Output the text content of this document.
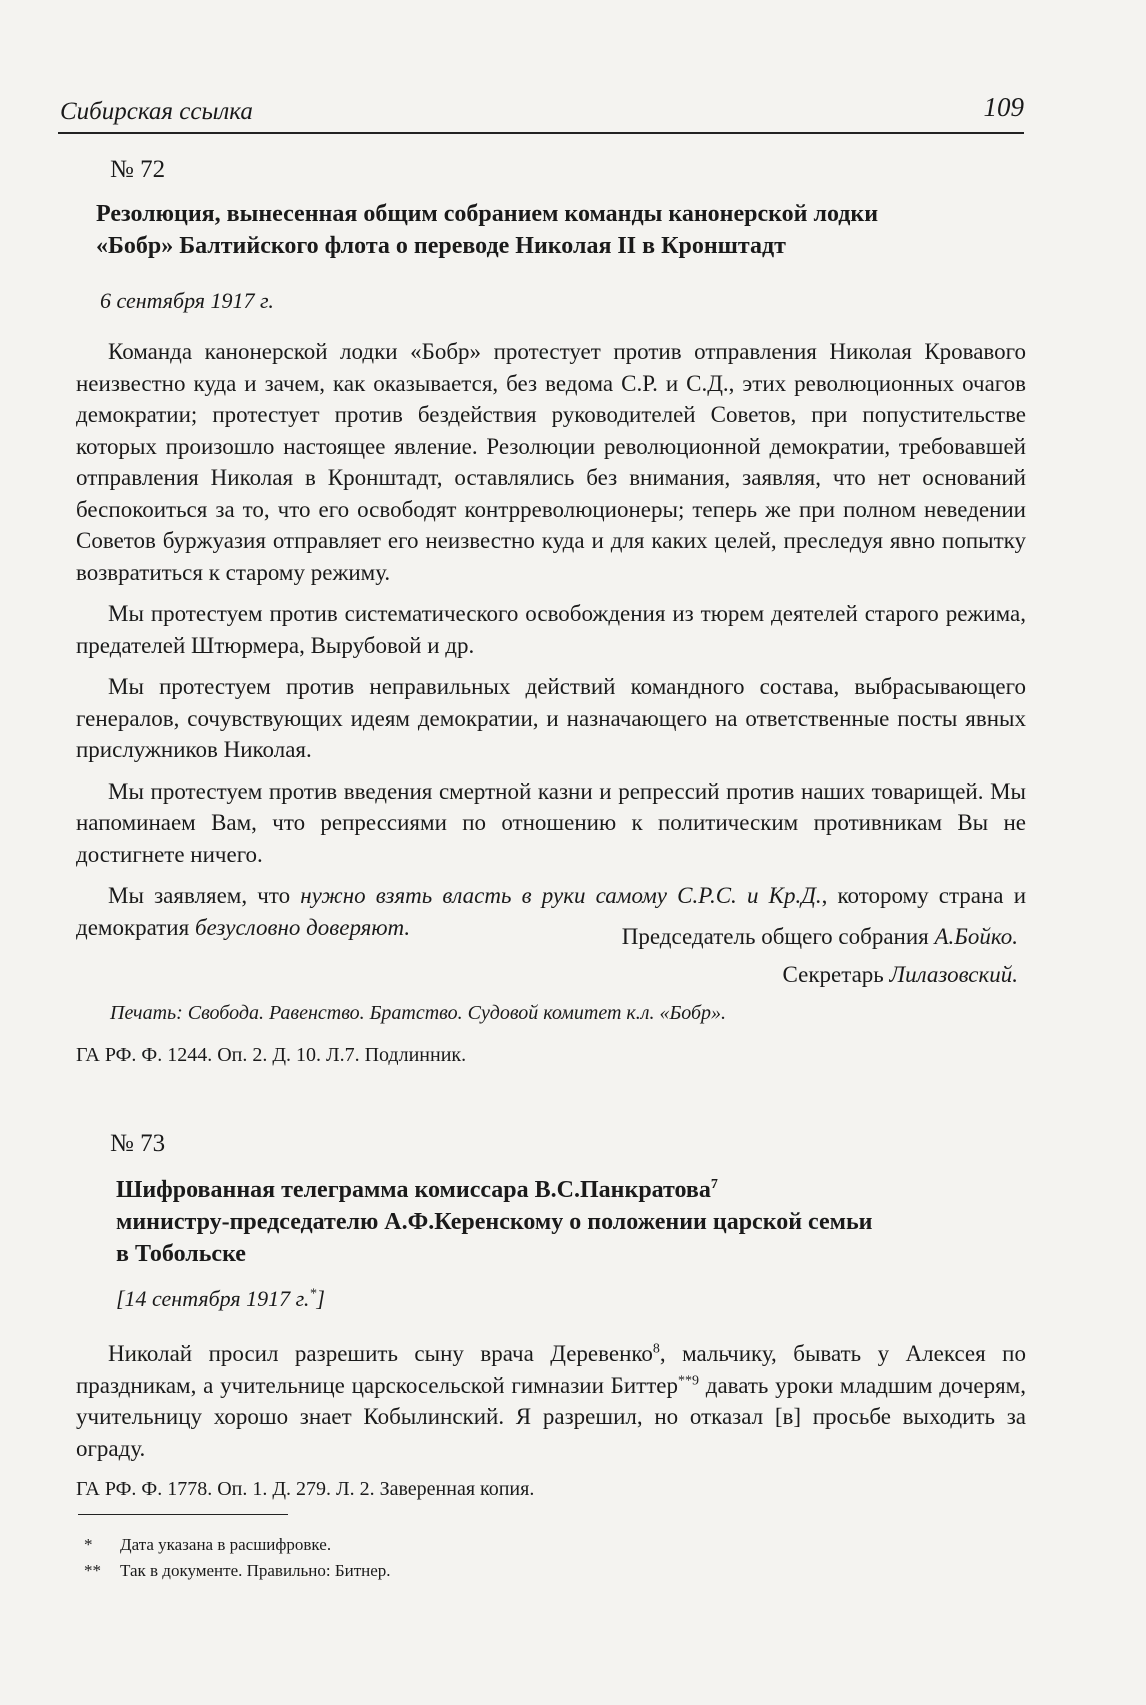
Сибирская ссылка	109
№ 72
Резолюция, вынесенная общим собранием команды канонерской лодки
«Бобр» Балтийского флота о переводе Николая II в Кронштадт
6 сентября 1917 г.

Команда канонерской лодки «Бобр» протестует против отправления Николая Кровавого неизвестно куда и зачем, как оказывается, без ведома С.Р. и С.Д., этих революционных очагов демократии; протестует против бездействия руководителей Советов, при попустительстве которых произошло настоящее явление. Резолюции революционной демократии, требовавшей отправления Николая в Кронштадт, оставлялись без внимания, заявляя, что нет оснований беспокоиться за то, что его освободят контрреволюционеры; теперь же при полном неведении Советов буржуазия отправляет его неизвестно куда и для каких целей, преследуя явно попытку возвратиться к старому режиму.

Мы протестуем против систематического освобождения из тюрем деятелей старого режима, предателей Штюрмера, Вырубовой и др.

Мы протестуем против неправильных действий командного состава, выбрасывающего генералов, сочувствующих идеям демократии, и назначающего на ответственные посты явных прислужников Николая.

Мы протестуем против введения смертной казни и репрессий против наших товарищей. Мы напоминаем Вам, что репрессиями по отношению к политическим противникам Вы не достигнете ничего.

Мы заявляем, что нужно взять власть в руки самому С.Р.С. и Кр.Д., которому страна и демократия безусловно доверяют.	Председатель общего собрания А.Бойко.
Секретарь Лилазовский.
Печать: Свобода. Равенство. Братство. Судовой комитет к.л. «Бобр».
ГА РФ. Ф. 1244. Оп. 2. Д. 10. Л.7. Подлинник.
№ 73
Шифрованная телеграмма комиссара В.С.Панкратова$^7$
министру-председателю А.Ф.Керенскому о положении царской семьи
в Тобольске
[14 сентября 1917 г.*]

Николай просил разрешить сыну врача Деревенко$^8$, мальчику, бывать у Алексея по праздникам, а учительнице царскосельской гимназии Биттер$^{**9}$ давать уроки младшим дочерям, учительницу хорошо знает Кобылинский. Я разрешил, но отказал [в] просьбе выходить за ограду.

ГА РФ. Ф. 1778. Оп. 1. Д. 279. Л. 2. Заверенная копия.
* Дата указана в расшифровке.
** Так в документе. Правильно: Битнер.
